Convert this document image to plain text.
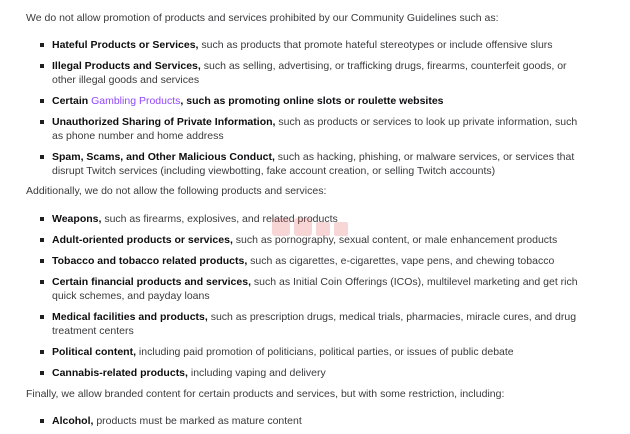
We do not allow promotion of products and services prohibited by our Community Guidelines such as:

Hateful Products or Services, such as products that promote hateful stereotypes or include offensive slurs
Illegal Products and Services, such as selling, advertising, or trafficking drugs, firearms, counterfeit goods, or other illegal goods and services
Certain Gambling Products, such as promoting online slots or roulette websites
Unauthorized Sharing of Private Information, such as products or services to look up private information, such as phone number and home address
Spam, Scams, and Other Malicious Conduct, such as hacking, phishing, or malware services, or services that disrupt Twitch services (including viewbotting, fake account creation, or selling Twitch accounts)

Additionally, we do not allow the following products and services:

Weapons, such as firearms, explosives, and related products
Adult-oriented products or services, such as pornography, sexual content, or male enhancement products
Tobacco and tobacco related products, such as cigarettes, e-cigarettes, vape pens, and chewing tobacco
Certain financial products and services, such as Initial Coin Offerings (ICOs), multilevel marketing and get rich quick schemes, and payday loans
Medical facilities and products, such as prescription drugs, medical trials, pharmacies, miracle cures, and drug treatment centers
Political content, including paid promotion of politicians, political parties, or issues of public debate
Cannabis-related products, including vaping and delivery

Finally, we allow branded content for certain products and services, but with some restriction, including:

Alcohol, products must be marked as mature content
